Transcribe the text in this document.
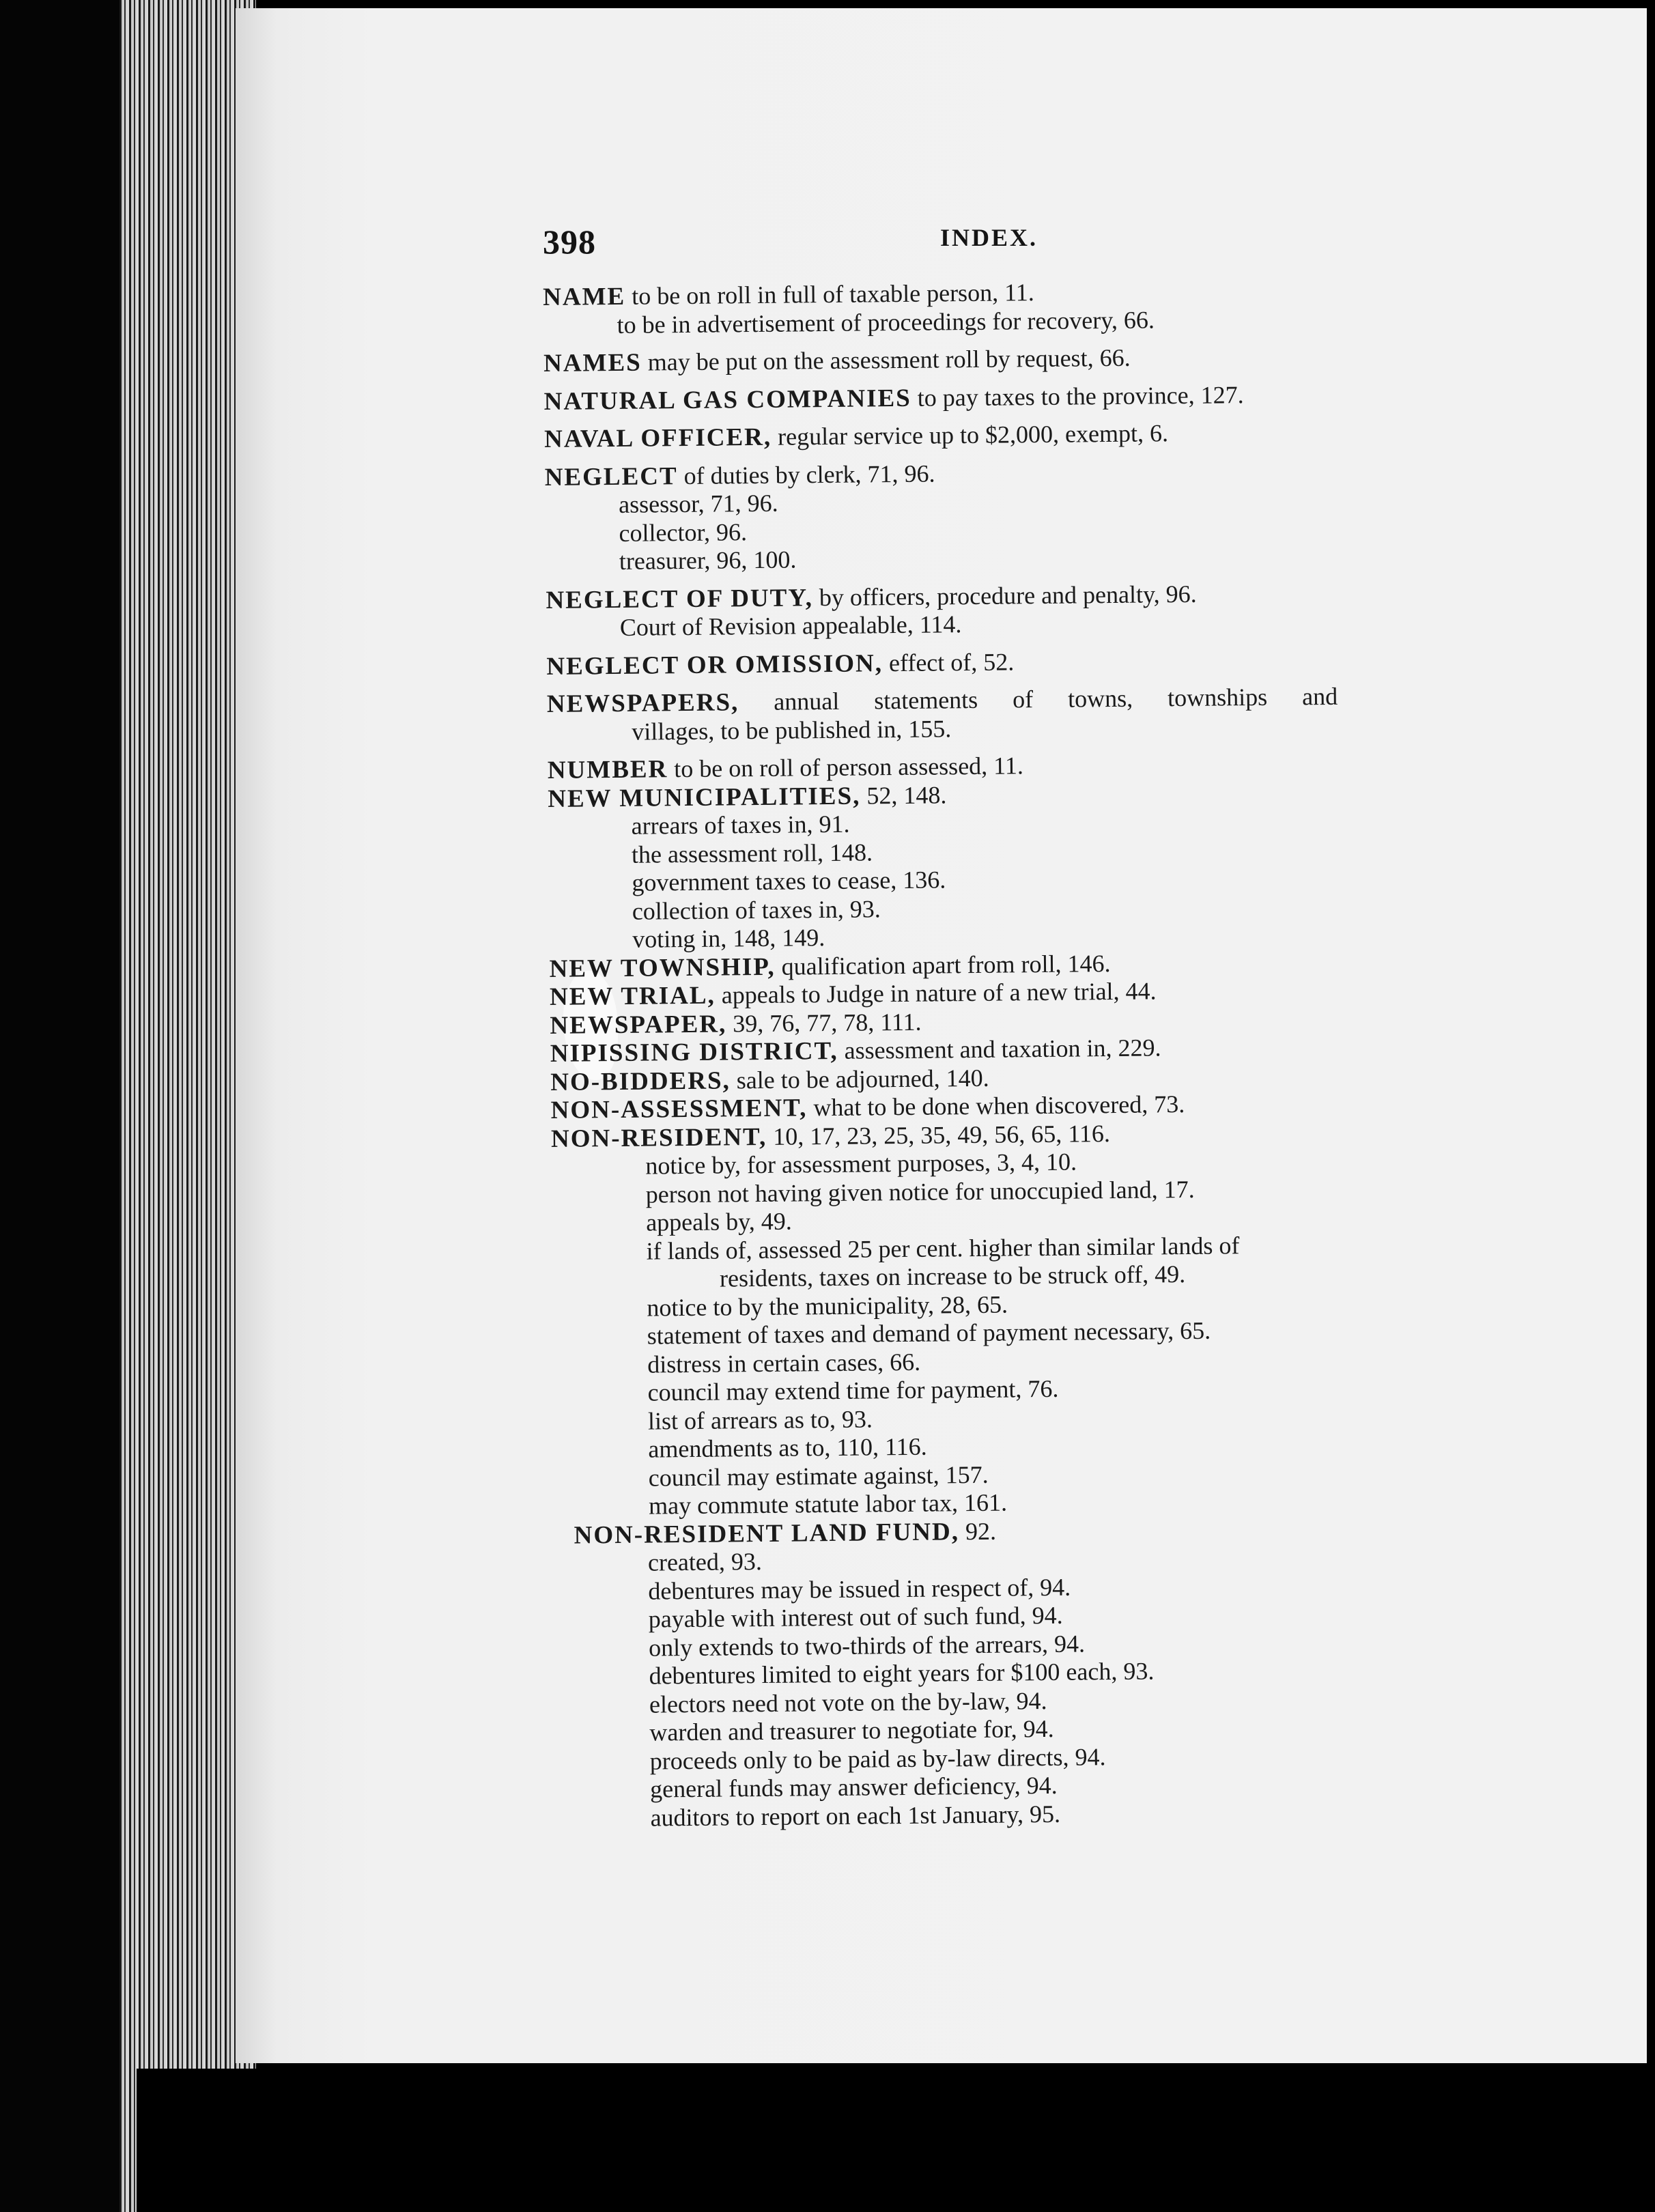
398	INDEX.
NAME to be on roll in full of taxable person, 11.
to be in advertisement of proceedings for recovery, 66.
NAMES may be put on the assessment roll by request, 66.
NATURAL GAS COMPANIES to pay taxes to the province, 127.
NAVAL OFFICER, regular service up to $2,000, exempt, 6.
NEGLECT of duties by clerk, 71, 96.
assessor, 71, 96.
collector, 96.
treasurer, 96, 100.
NEGLECT OF DUTY, by officers, procedure and penalty, 96.
Court of Revision appealable, 114.
NEGLECT OR OMISSION, effect of, 52.
NEWSPAPERS, annual statements of towns, townships and
villages, to be published in, 155.
NUMBER to be on roll of person assessed, 11.
NEW MUNICIPALITIES, 52, 148.
arrears of taxes in, 91.
the assessment roll, 148.
government taxes to cease, 136.
collection of taxes in, 93.
voting in, 148, 149.
NEW TOWNSHIP, qualification apart from roll, 146.
NEW TRIAL, appeals to Judge in nature of a new trial, 44.
NEWSPAPER, 39, 76, 77, 78, 111.
NIPISSING DISTRICT, assessment and taxation in, 229.
NO-BIDDERS, sale to be adjourned, 140.
NON-ASSESSMENT, what to be done when discovered, 73.
NON-RESIDENT, 10, 17, 23, 25, 35, 49, 56, 65, 116.
notice by, for assessment purposes, 3, 4, 10.
person not having given notice for unoccupied land, 17.
appeals by, 49.
if lands of, assessed 25 per cent. higher than similar lands of
residents, taxes on increase to be struck off, 49.
notice to by the municipality, 28, 65.
statement of taxes and demand of payment necessary, 65.
distress in certain cases, 66.
council may extend time for payment, 76.
list of arrears as to, 93.
amendments as to, 110, 116.
council may estimate against, 157.
may commute statute labor tax, 161.
NON-RESIDENT LAND FUND, 92.
created, 93.
debentures may be issued in respect of, 94.
payable with interest out of such fund, 94.
only extends to two-thirds of the arrears, 94.
debentures limited to eight years for $100 each, 93.
electors need not vote on the by-law, 94.
warden and treasurer to negotiate for, 94.
proceeds only to be paid as by-law directs, 94.
general funds may answer deficiency, 94.
auditors to report on each 1st January, 95.
